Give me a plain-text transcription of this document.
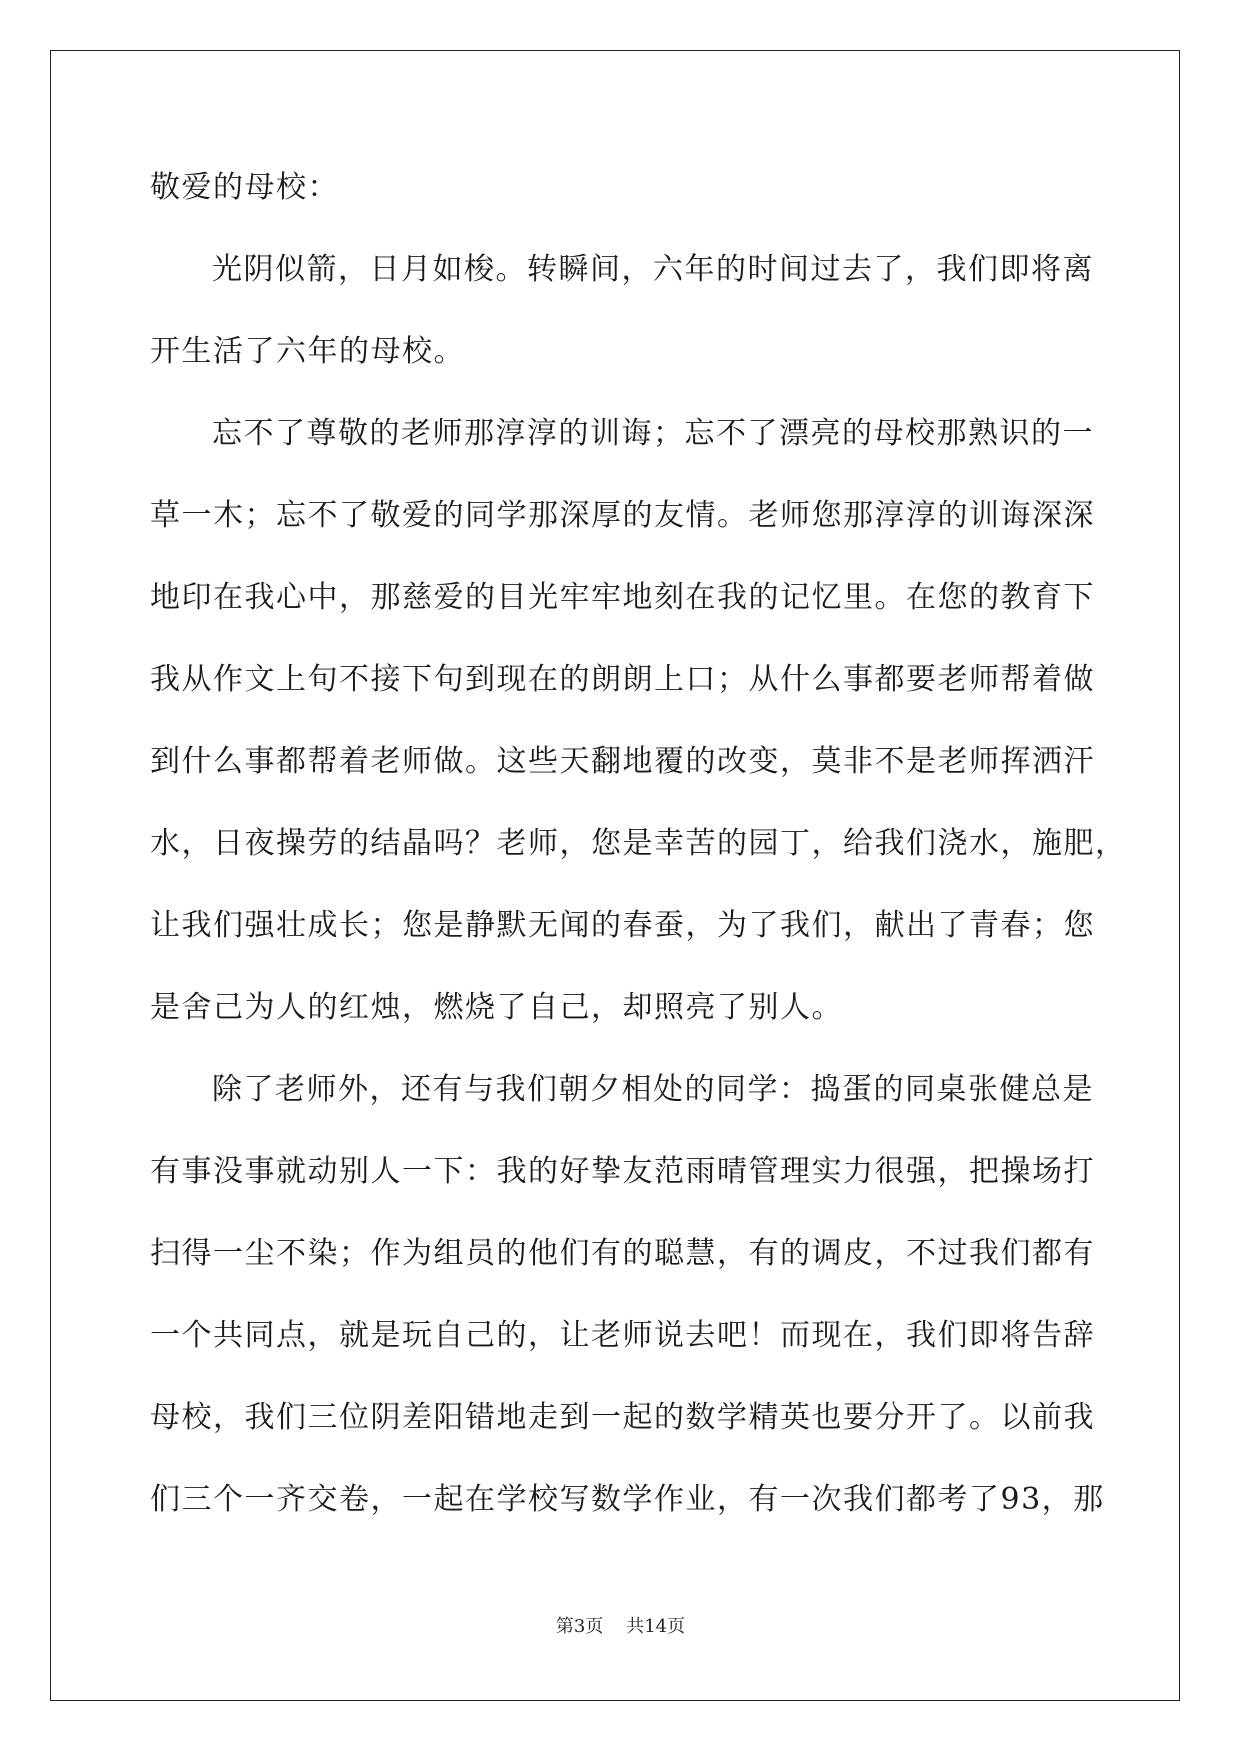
敬爱的母校：
光阴似箭，日月如梭。转瞬间，六年的时间过去了，我们即将离
开生活了六年的母校。
忘不了尊敬的老师那淳淳的训诲；忘不了漂亮的母校那熟识的一
草一木；忘不了敬爱的同学那深厚的友情。老师您那淳淳的训诲深深
地印在我心中，那慈爱的目光牢牢地刻在我的记忆里。在您的教育下
我从作文上句不接下句到现在的朗朗上口；从什么事都要老师帮着做
到什么事都帮着老师做。这些天翻地覆的改变，莫非不是老师挥洒汗
水，日夜操劳的结晶吗？老师，您是幸苦的园丁，给我们浇水，施肥，
让我们强壮成长；您是静默无闻的春蚕，为了我们，献出了青春；您
是舍己为人的红烛，燃烧了自己，却照亮了别人。
除了老师外，还有与我们朝夕相处的同学：捣蛋的同桌张健总是
有事没事就动别人一下：我的好挚友范雨晴管理实力很强，把操场打
扫得一尘不染；作为组员的他们有的聪慧，有的调皮，不过我们都有
一个共同点，就是玩自己的，让老师说去吧！而现在，我们即将告辞
母校，我们三位阴差阳错地走到一起的数学精英也要分开了。以前我
们三个一齐交卷，一起在学校写数学作业，有一次我们都考了93，那
第3页 共14页
